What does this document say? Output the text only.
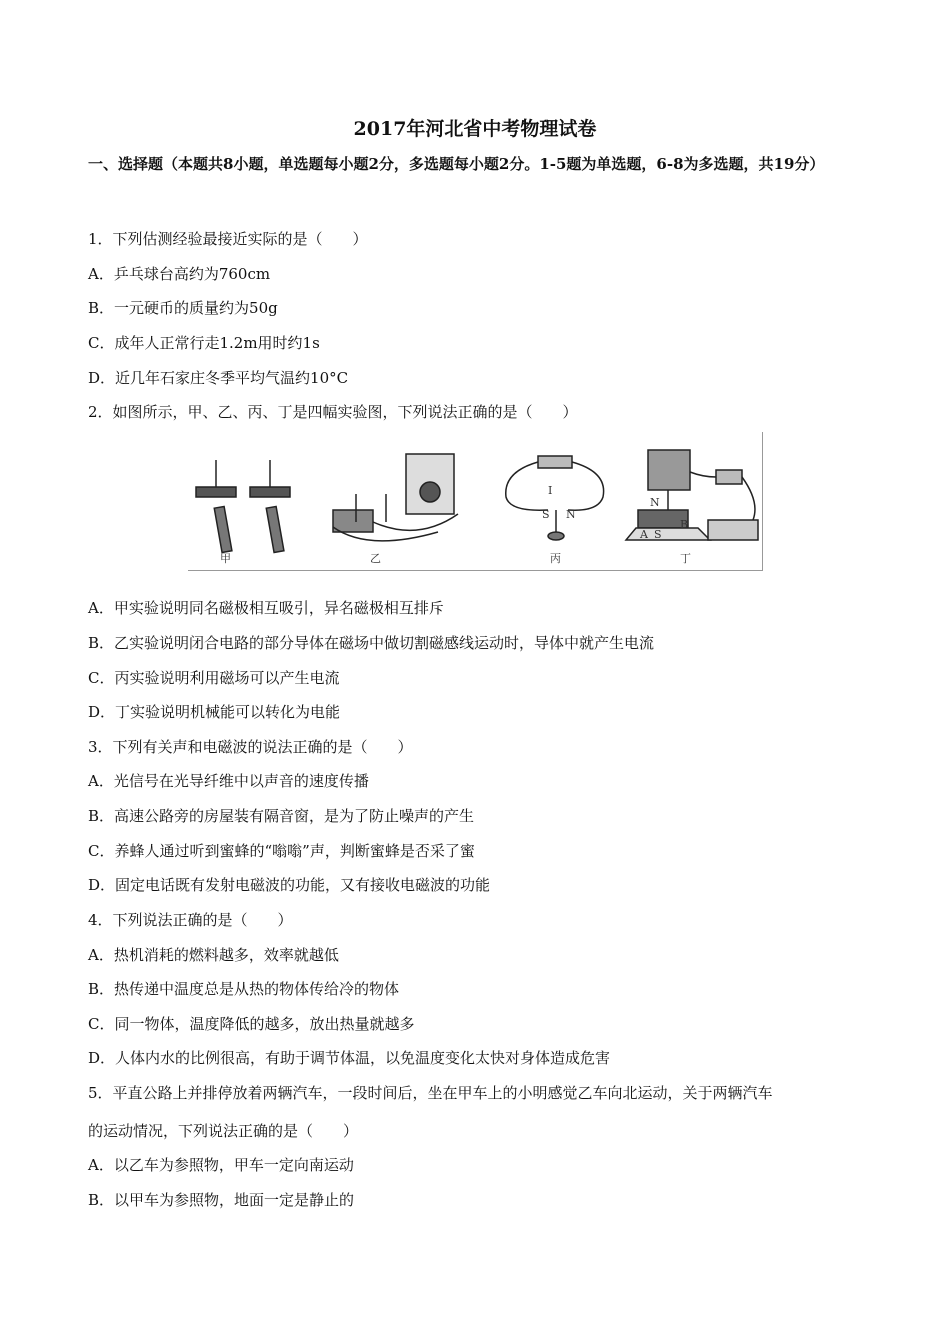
2017年河北省中考物理试卷
一、选择题（本题共8小题，单选题每小题2分，多选题每小题2分。1-5题为单选题，6-8为多选题，共19分）
1．下列估测经验最接近实际的是（　　）
A．乒乓球台高约为760cm
B．一元硬币的质量约为50g
C．成年人正常行走1.2m用时约1s
D．近几年石家庄冬季平均气温约10°C
2．如图所示，甲、乙、丙、丁是四幅实验图，下列说法正确的是（　　）
甲	乙
I
S N
丙
N
B
A S
丁
A．甲实验说明同名磁极相互吸引，异名磁极相互排斥
B．乙实验说明闭合电路的部分导体在磁场中做切割磁感线运动时，导体中就产生电流
C．丙实验说明利用磁场可以产生电流
D．丁实验说明机械能可以转化为电能
3．下列有关声和电磁波的说法正确的是（　　）
A．光信号在光导纤维中以声音的速度传播
B．高速公路旁的房屋装有隔音窗，是为了防止噪声的产生
C．养蜂人通过听到蜜蜂的“嗡嗡”声，判断蜜蜂是否采了蜜
D．固定电话既有发射电磁波的功能，又有接收电磁波的功能
4．下列说法正确的是（　　）
A．热机消耗的燃料越多，效率就越低
B．热传递中温度总是从热的物体传给冷的物体
C．同一物体，温度降低的越多，放出热量就越多
D．人体内水的比例很高，有助于调节体温，以免温度变化太快对身体造成危害
5．平直公路上并排停放着两辆汽车，一段时间后，坐在甲车上的小明感觉乙车向北运动，关于两辆汽车
的运动情况，下列说法正确的是（　　）
A．以乙车为参照物，甲车一定向南运动
B．以甲车为参照物，地面一定是静止的
